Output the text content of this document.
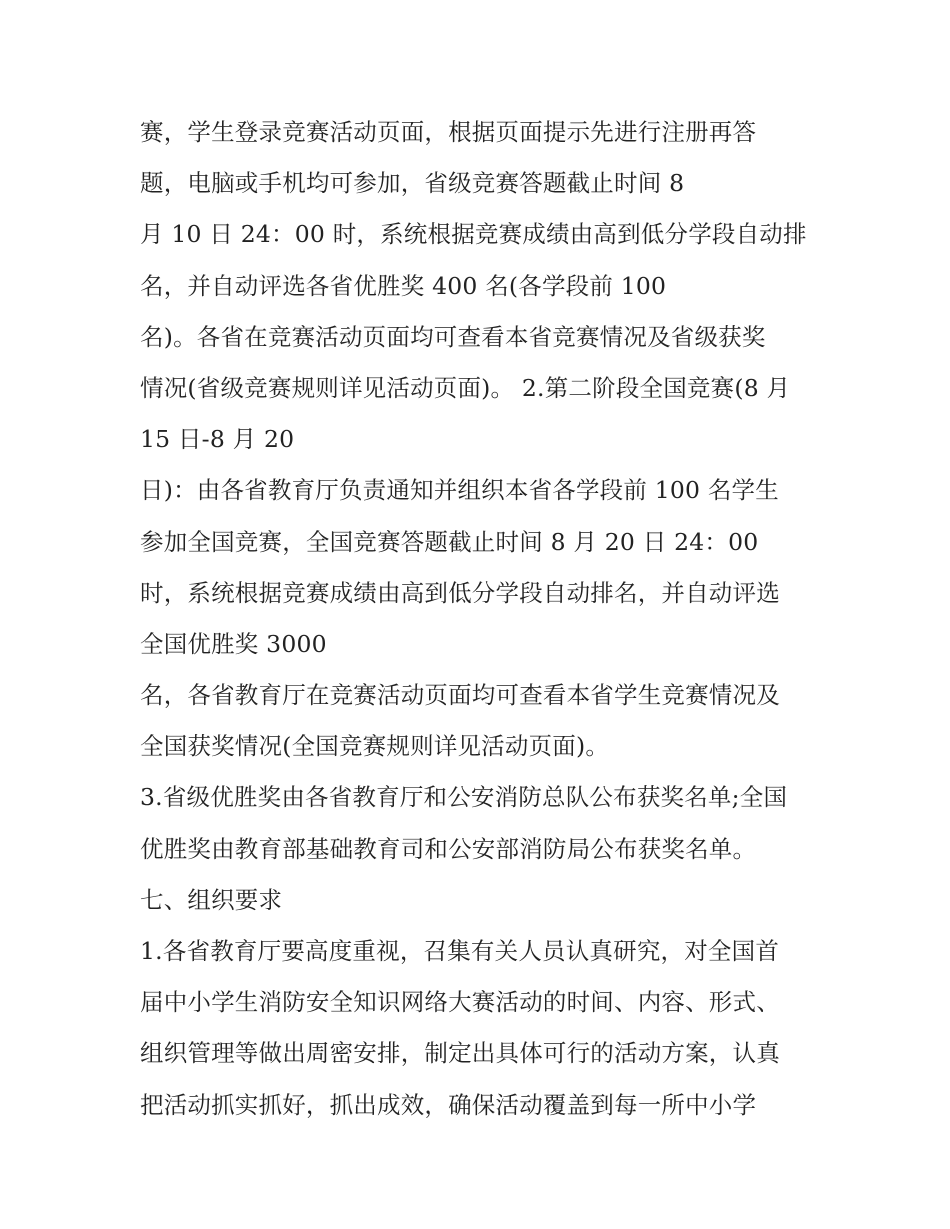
赛，学生登录竞赛活动页面，根据页面提示先进行注册再答
题，电脑或手机均可参加，省级竞赛答题截止时间 8
月 10 日 24：00 时，系统根据竞赛成绩由高到低分学段自动排
名，并自动评选各省优胜奖 400 名(各学段前 100
名)。各省在竞赛活动页面均可查看本省竞赛情况及省级获奖
情况(省级竞赛规则详见活动页面)。 2.第二阶段全国竞赛(8 月
15 日-8 月 20
日)：由各省教育厅负责通知并组织本省各学段前 100 名学生
参加全国竞赛，全国竞赛答题截止时间 8 月 20 日 24：00
时，系统根据竞赛成绩由高到低分学段自动排名，并自动评选
全国优胜奖 3000
名，各省教育厅在竞赛活动页面均可查看本省学生竞赛情况及
全国获奖情况(全国竞赛规则详见活动页面)。
3.省级优胜奖由各省教育厅和公安消防总队公布获奖名单;全国
优胜奖由教育部基础教育司和公安部消防局公布获奖名单。
七、组织要求
1.各省教育厅要高度重视，召集有关人员认真研究，对全国首
届中小学生消防安全知识网络大赛活动的时间、内容、形式、
组织管理等做出周密安排，制定出具体可行的活动方案，认真
把活动抓实抓好，抓出成效，确保活动覆盖到每一所中小学
